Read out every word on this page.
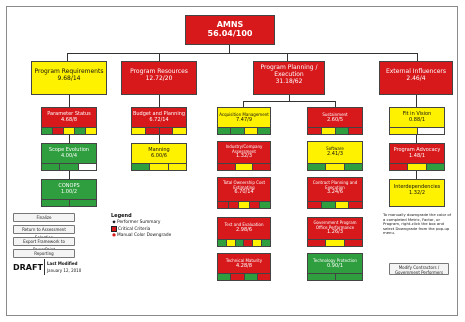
AMNS
56.04/100
Program Requirements
9.68/14
Program Resources
12.72/20
Program Planning / Execution
31.18/62
External Influencers
2.46/4
Parameter Status
4.68/8
Scope Evolution
4.00/4
CONOPS
1.00/2
Budget and Planning
6.72/14
Manning
6.00/6
Acquisition Management
7.47/9
Industry/Company Assessment
1.32/3
Total Ownership Cost Estimating
6.70/14
Test and Evaluation
2.98/6
Technical Maturity
4.28/8
Sustainment
2.60/5
Software
2.41/3
Contract Planning and Execution
3.24/6
Government Program Office Performance
1.26/3
Technology Protection
0.90/1
Fit in Vision
0.88/1
Program Advocacy
1.48/1
Interdependencies
1.32/2
Finalize
Return to Assessment
Export Framework to
Reporting
Legend
◆ Performer Summary
Critical Criteria
● Manual Color Downgrade
DRAFT Last Modified
January 12, 2010
To manually downgrade the color of a completed Metric, Factor, or Program, right-click the box and select Downgrade from the pop-up menu.
Modify Contractors / Government Performers
